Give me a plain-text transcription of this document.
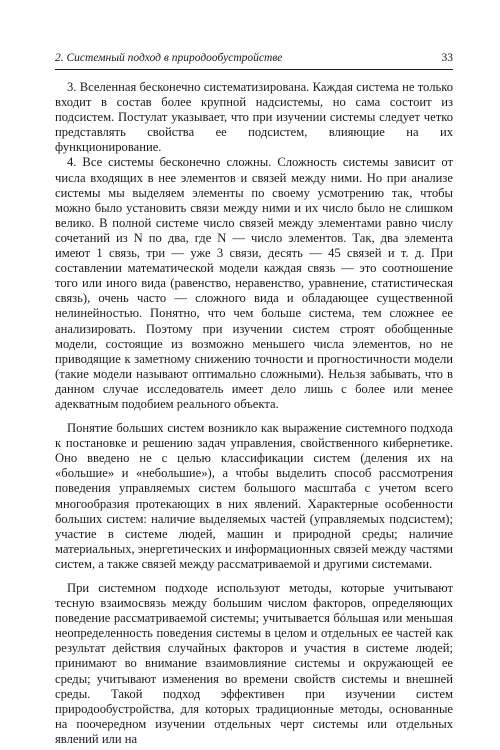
2. Системный подход в природообустройстве	33

3. Вселенная бесконечно систематизирована. Каждая система не только входит в состав более крупной надсистемы, но сама состоит из подсистем. Постулат указывает, что при изучении системы следует четко представлять свойства ее подсистем, влияющие на их функционирование.

4. Все системы бесконечно сложны. Сложность системы зависит от числа входящих в нее элементов и связей между ними. Но при анализе системы мы выделяем элементы по своему усмотрению так, чтобы можно было установить связи между ними и их число было не слишком велико. В полной системе число связей между элементами равно числу сочетаний из N по два, где N — число элементов. Так, два элемента имеют 1 связь, три — уже 3 связи, десять — 45 связей и т. д. При составлении математической модели каждая связь — это соотношение того или иного вида (равенство, неравенство, уравнение, статистическая связь), очень часто — сложного вида и обладающее существенной нелинейностью. Понятно, что чем больше система, тем сложнее ее анализировать. Поэтому при изучении систем строят обобщенные модели, состоящие из возможно меньшего числа элементов, но не приводящие к заметному снижению точности и прогностичности модели (такие модели называют оптимально сложными). Нельзя забывать, что в данном случае исследователь имеет дело лишь с более или менее адекватным подобием реального объекта.

Понятие больших систем возникло как выражение системного подхода к постановке и решению задач управления, свойственного кибернетике. Оно введено не с целью классификации систем (деления их на «большие» и «небольшие»), а чтобы выделить способ рассмотрения поведения управляемых систем большого масштаба с учетом всего многообразия протекающих в них явлений. Характерные особенности больших систем: наличие выделяемых частей (управляемых подсистем); участие в системе людей, машин и природной среды; наличие материальных, энергетических и информационных связей между частями систем, а также связей между рассматриваемой и другими системами.

При системном подходе используют методы, которые учитывают тесную взаимосвязь между большим числом факторов, определяющих поведение рассматриваемой системы; учитывается бóльшая или меньшая неопределенность поведения системы в целом и отдельных ее частей как результат действия случайных факторов и участия в системе людей; принимают во внимание взаимовлияние системы и окружающей ее среды; учитывают изменения во времени свойств системы и внешней среды. Такой подход эффективен при изучении систем природообустройства, для которых традиционные методы, основанные на поочередном изучении отдельных черт системы или отдельных явлений или на
